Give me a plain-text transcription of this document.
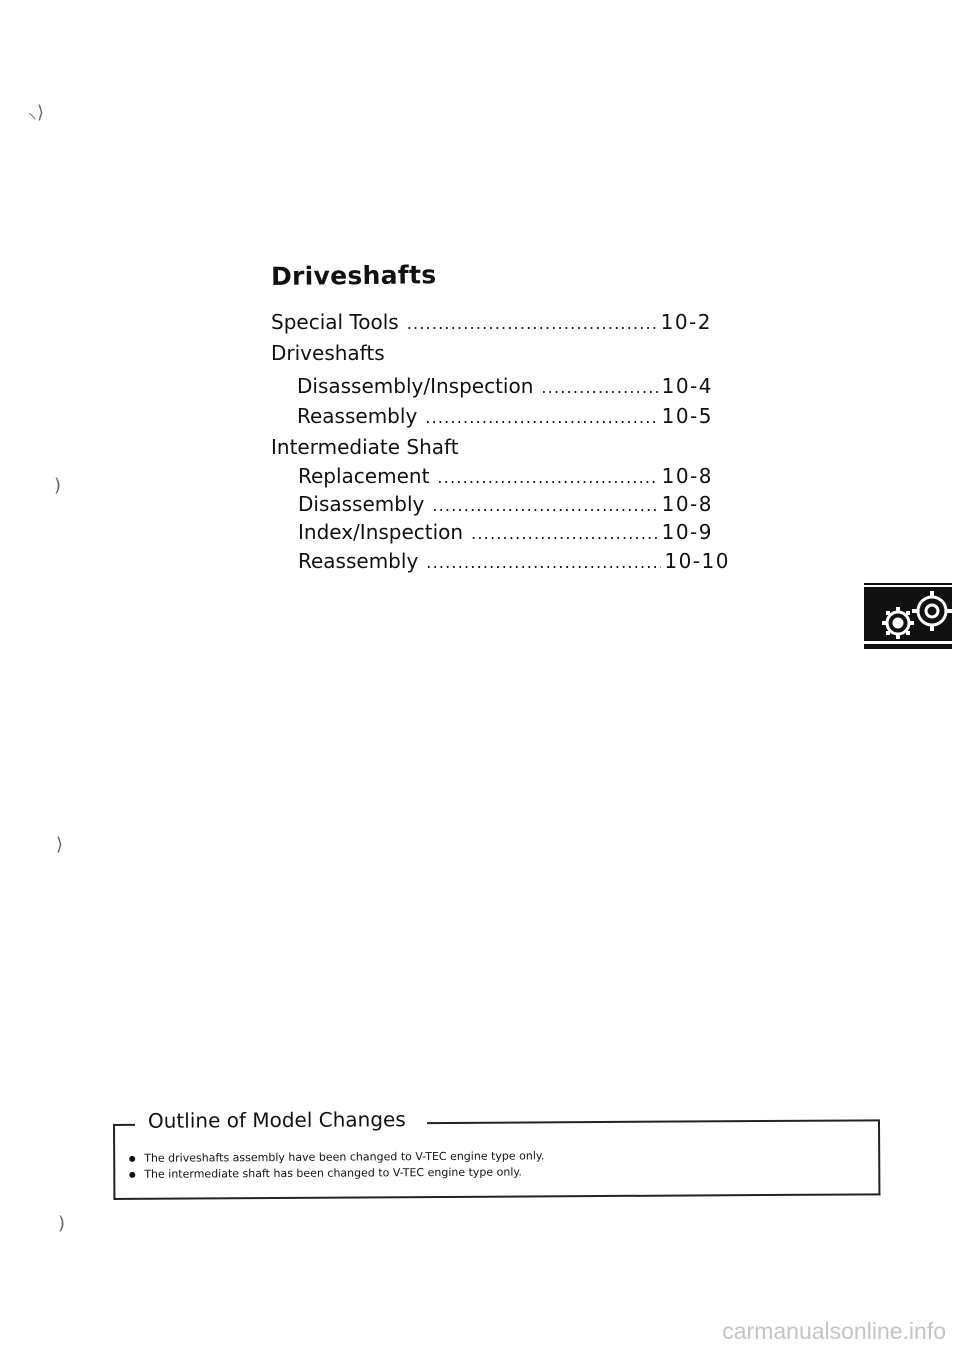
⸜⟩
)
⟩
)
Driveshafts
Special Tools .....	10-2
Driveshafts
Disassembly/Inspection .....	10-4
Reassembly .....	10-5
Intermediate Shaft
Replacement .....	10-8
Disassembly .....	10-8
Index/Inspection .....	10-9
Reassembly .....	10-10
Outline of Model Changes
The driveshafts assembly have been changed to V-TEC engine type only.
The intermediate shaft has been changed to V-TEC engine type only.
carmanualsonline.info
